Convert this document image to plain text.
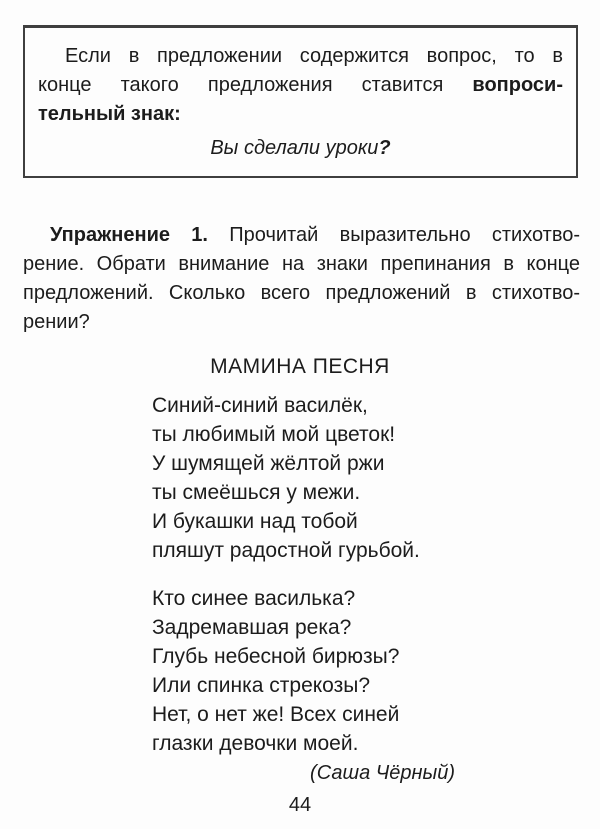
Если в предложении содержится вопрос, то в

конце такого предложения ставится вопроси-

тельный знак:

Вы сделали уроки?

Упражнение 1. Прочитай выразительно стихотво-

рение. Обрати внимание на знаки препинания в конце

предложений. Сколько всего предложений в стихотво-

рении?

МАМИНА ПЕСНЯ

Синий-синий василёк,

ты любимый мой цветок!

У шумящей жёлтой ржи

ты смеёшься у межи.

И букашки над тобой

пляшут радостной гурьбой.

Кто синее василька?

Задремавшая река?

Глубь небесной бирюзы?

Или спинка стрекозы?

Нет, о нет же! Всех синей

глазки девочки моей.

(Саша Чёрный)

44
